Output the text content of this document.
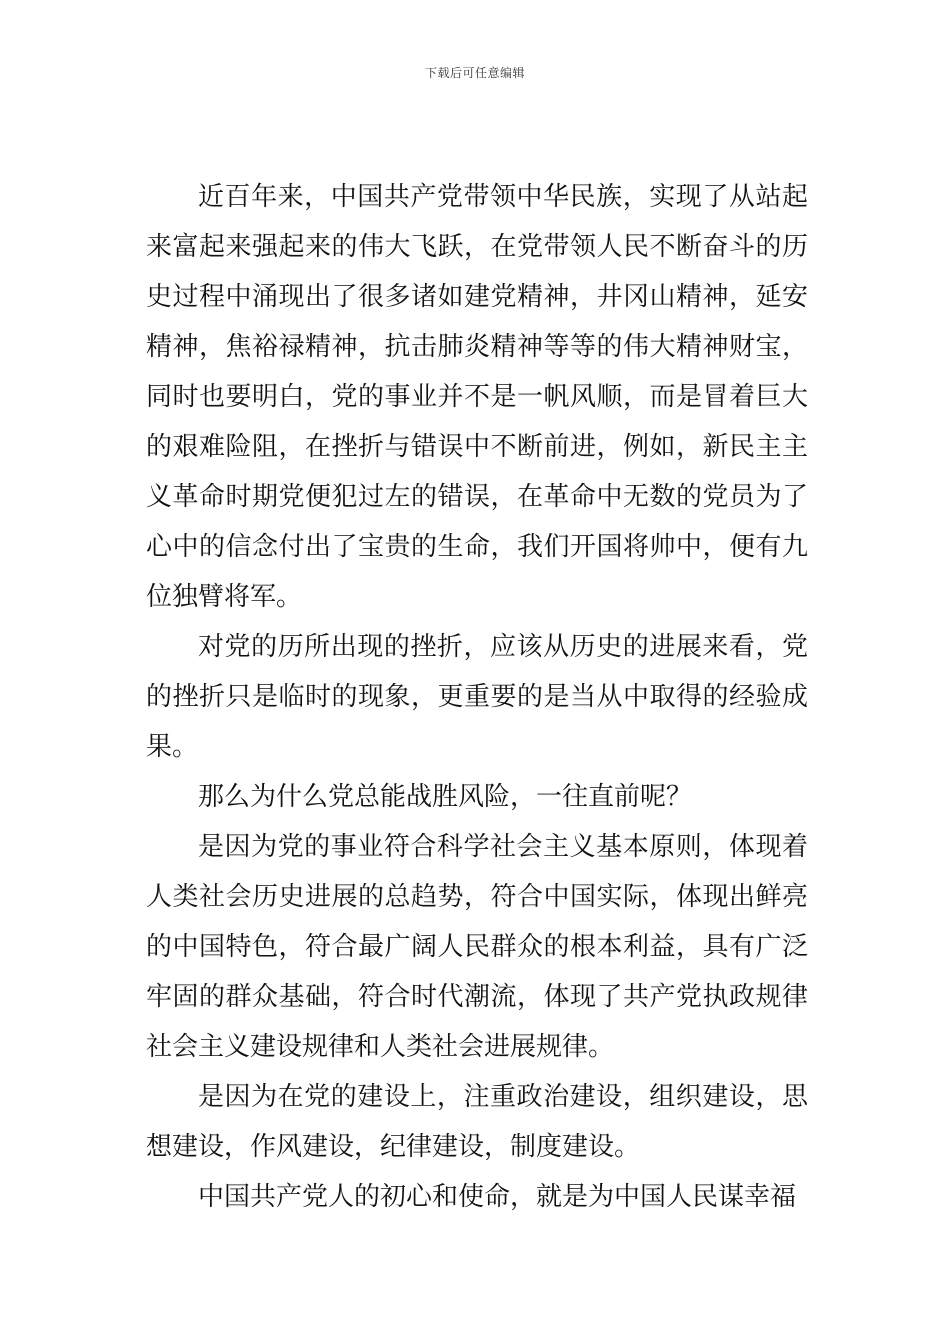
下载后可任意编辑

近百年来，中国共产党带领中华民族，实现了从站起来富起来强起来的伟大飞跃，在党带领人民不断奋斗的历史过程中涌现出了很多诸如建党精神，井冈山精神，延安精神，焦裕禄精神，抗击肺炎精神等等的伟大精神财宝，同时也要明白，党的事业并不是一帆风顺，而是冒着巨大的艰难险阻，在挫折与错误中不断前进，例如，新民主主义革命时期党便犯过左的错误，在革命中无数的党员为了心中的信念付出了宝贵的生命，我们开国将帅中，便有九位独臂将军。

对党的历所出现的挫折，应该从历史的进展来看，党的挫折只是临时的现象，更重要的是当从中取得的经验成果。

那么为什么党总能战胜风险，一往直前呢？

是因为党的事业符合科学社会主义基本原则，体现着人类社会历史进展的总趋势，符合中国实际，体现出鲜亮的中国特色，符合最广阔人民群众的根本利益，具有广泛牢固的群众基础，符合时代潮流，体现了共产党执政规律社会主义建设规律和人类社会进展规律。

是因为在党的建设上，注重政治建设，组织建设，思想建设，作风建设，纪律建设，制度建设。

中国共产党人的初心和使命，就是为中国人民谋幸福
